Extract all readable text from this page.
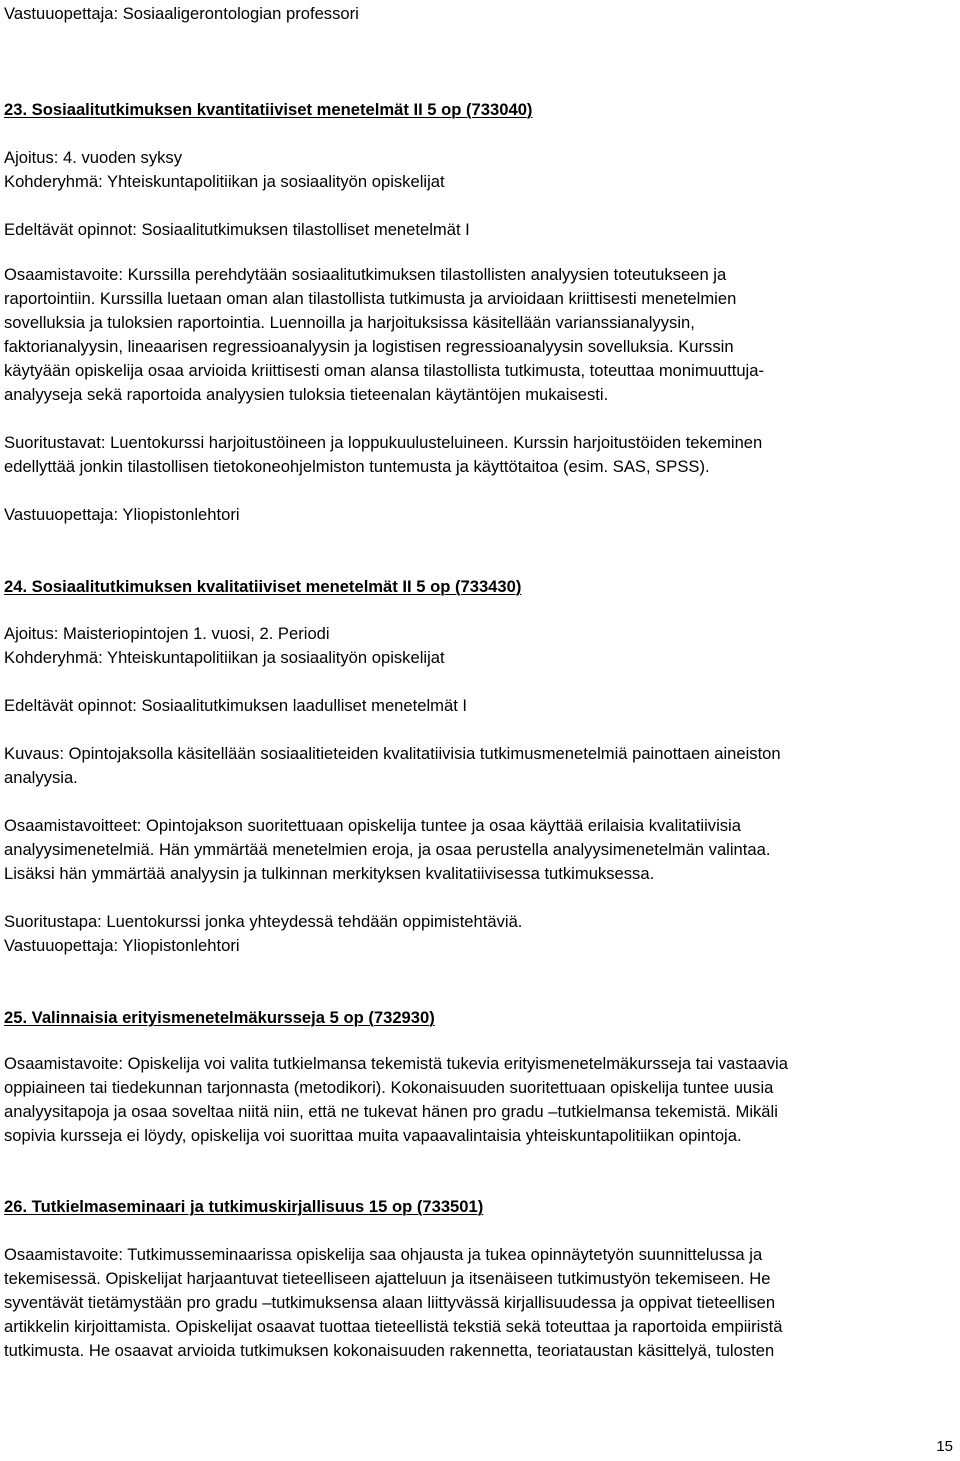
Vastuuopettaja: Sosiaaligerontologian professori

23. Sosiaalitutkimuksen kvantitatiiviset menetelmät II 5 op (733040)

Ajoitus: 4. vuoden syksy

Kohderyhmä: Yhteiskuntapolitiikan ja sosiaalityön opiskelijat

Edeltävät opinnot: Sosiaalitutkimuksen tilastolliset menetelmät I

Osaamistavoite: Kurssilla perehdytään sosiaalitutkimuksen tilastollisten analyysien toteutukseen ja

raportointiin. Kurssilla luetaan oman alan tilastollista tutkimusta ja arvioidaan kriittisesti menetelmien

sovelluksia ja tuloksien raportointia. Luennoilla ja harjoituksissa käsitellään varianssianalyysin,

faktorianalyysin, lineaarisen regressioanalyysin ja logistisen regressioanalyysin sovelluksia. Kurssin

käytyään opiskelija osaa arvioida kriittisesti oman alansa tilastollista tutkimusta, toteuttaa monimuuttuja-

analyyseja sekä raportoida analyysien tuloksia tieteenalan käytäntöjen mukaisesti.

Suoritustavat: Luentokurssi harjoitustöineen ja loppukuulusteluineen. Kurssin harjoitustöiden tekeminen

edellyttää jonkin tilastollisen tietokoneohjelmiston tuntemusta ja käyttötaitoa (esim. SAS, SPSS).

Vastuuopettaja: Yliopistonlehtori

24. Sosiaalitutkimuksen kvalitatiiviset menetelmät II 5 op (733430)

Ajoitus: Maisteriopintojen 1. vuosi, 2. Periodi

Kohderyhmä: Yhteiskuntapolitiikan ja sosiaalityön opiskelijat

Edeltävät opinnot: Sosiaalitutkimuksen laadulliset menetelmät I

Kuvaus: Opintojaksolla käsitellään sosiaalitieteiden kvalitatiivisia tutkimusmenetelmiä painottaen aineiston

analyysia.

Osaamistavoitteet: Opintojakson suoritettuaan opiskelija tuntee ja osaa käyttää erilaisia kvalitatiivisia

analyysimenetelmiä. Hän ymmärtää menetelmien eroja, ja osaa perustella analyysimenetelmän valintaa.

Lisäksi hän ymmärtää analyysin ja tulkinnan merkityksen kvalitatiivisessa tutkimuksessa.

Suoritustapa: Luentokurssi jonka yhteydessä tehdään oppimistehtäviä.

Vastuuopettaja: Yliopistonlehtori

25. Valinnaisia erityismenetelmäkursseja 5 op (732930)

Osaamistavoite: Opiskelija voi valita tutkielmansa tekemistä tukevia erityismenetelmäkursseja tai vastaavia

oppiaineen tai tiedekunnan tarjonnasta (metodikori). Kokonaisuuden suoritettuaan opiskelija tuntee uusia

analyysitapoja ja osaa soveltaa niitä niin, että ne tukevat hänen pro gradu –tutkielmansa tekemistä. Mikäli

sopivia kursseja ei löydy, opiskelija voi suorittaa muita vapaavalintaisia yhteiskuntapolitiikan opintoja.

26. Tutkielmaseminaari ja tutkimuskirjallisuus 15 op (733501)

Osaamistavoite: Tutkimusseminaarissa opiskelija saa ohjausta ja tukea opinnäytetyön suunnittelussa ja

tekemisessä. Opiskelijat harjaantuvat tieteelliseen ajatteluun ja itsenäiseen tutkimustyön tekemiseen. He

syventävät tietämystään pro gradu –tutkimuksensa alaan liittyvässä kirjallisuudessa ja oppivat tieteellisen

artikkelin kirjoittamista. Opiskelijat osaavat tuottaa tieteellistä tekstiä sekä toteuttaa ja raportoida empiiristä

tutkimusta. He osaavat arvioida tutkimuksen kokonaisuuden rakennetta, teoriataustan käsittelyä, tulosten

15
